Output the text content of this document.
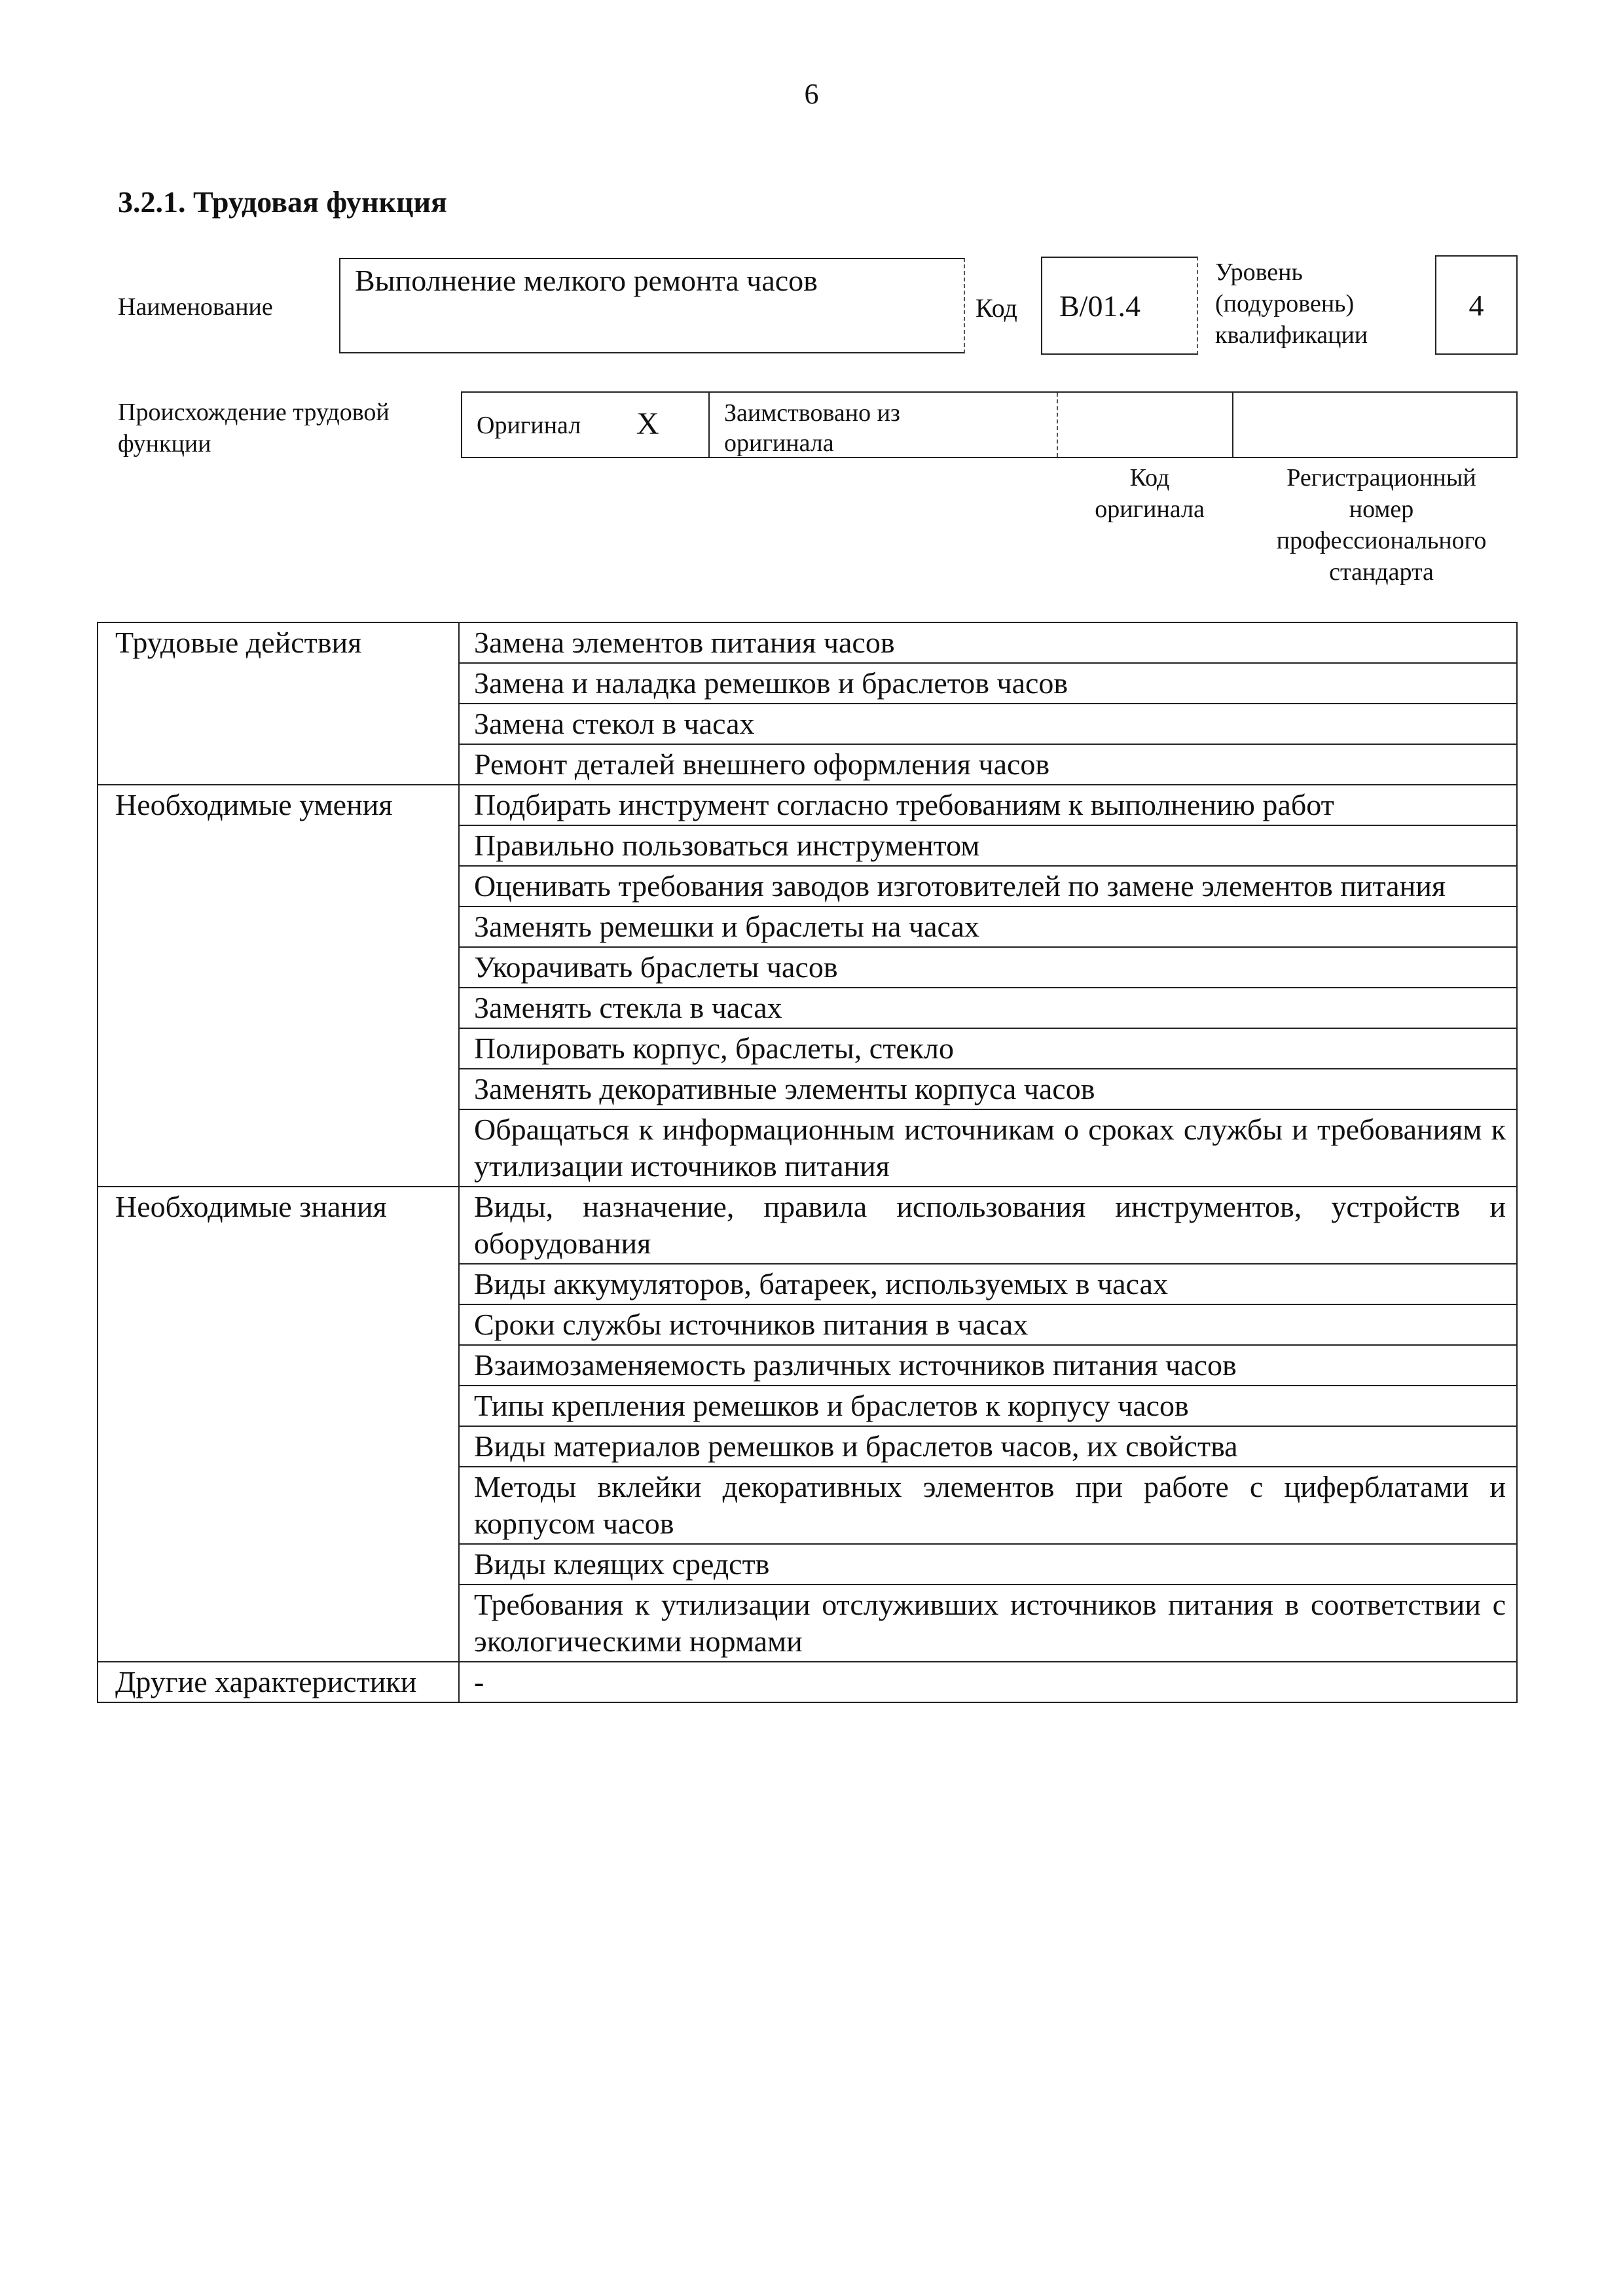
6
3.2.1. Трудовая функция
Наименование
Выполнение мелкого ремонта часов
Код	B/01.4
Уровень
(подуровень)
квалификации
4
Происхождение трудовой
функции
Оригинал X	Заимствовано из
оригинала
Код
оригинала
Регистрационный
номер
профессионального
стандарта
Трудовые действия	Замена элементов питания часов
	Замена и наладка ремешков и браслетов часов
	Замена стекол в часах
	Ремонт деталей внешнего оформления часов
Необходимые умения	Подбирать инструмент согласно требованиям к выполнению работ
	Правильно пользоваться инструментом
	Оценивать требования заводов изготовителей по замене элементов питания
	Заменять ремешки и браслеты на часах
	Укорачивать браслеты часов
	Заменять стекла в часах
	Полировать корпус, браслеты, стекло
	Заменять декоративные элементы корпуса часов
	Обращаться к информационным источникам о сроках службы и требованиям к утилизации источников питания
Необходимые знания	Виды, назначение, правила использования инструментов, устройств и оборудования
	Виды аккумуляторов, батареек, используемых в часах
	Сроки службы источников питания в часах
	Взаимозаменяемость различных источников питания часов
	Типы крепления ремешков и браслетов к корпусу часов
	Виды материалов ремешков и браслетов часов, их свойства
	Методы вклейки декоративных элементов при работе с циферблатами и корпусом часов
	Виды клеящих средств
	Требования к утилизации отслуживших источников питания в соответствии с экологическими нормами
Другие характеристики	-
